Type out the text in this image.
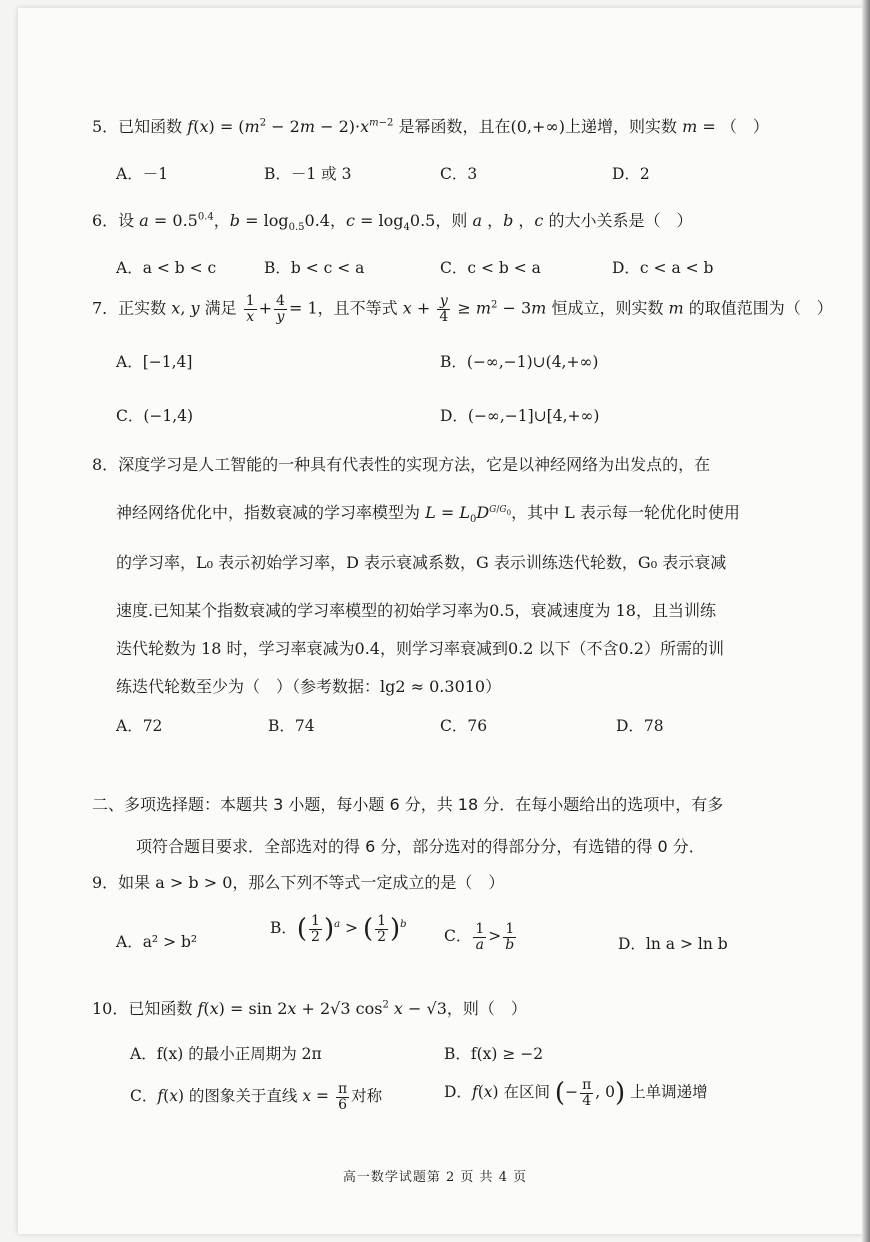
5．已知函数 $f(x) = (m^2 - 2m - 2)\cdot x^{m-2}$ 是幂函数，且在(0,+∞)上递增，则实数 m = （　）
A．－1	B．－1 或 3	C．3	D．2
6．设 $a = 0.5^{0.4}$，$b = \log_{0.5}0.4$，$c = \log_40.5$，则 a ，b ，c 的大小关系是（　）
A．a < b < c	B．b < c < a	C．c < b < a	D．c < a < b
7．正实数 x, y 满足 $\frac{1}{x} + \frac{4}{y} = 1$，且不等式 $x + \frac{y}{4} \ge m^2 - 3m$ 恒成立，则实数 m 的取值范围为（　）
A．[−1,4]	B．(−∞,−1)∪(4,+∞)
C．(−1,4)	D．(−∞,−1]∪[4,+∞)
8．深度学习是人工智能的一种具有代表性的实现方法，它是以神经网络为出发点的，在
神经网络优化中，指数衰减的学习率模型为 $L = L_0D^{G/G_0}$，其中 L 表示每一轮优化时使用
的学习率，L₀ 表示初始学习率，D 表示衰减系数，G 表示训练迭代轮数，G₀ 表示衰减
速度.已知某个指数衰减的学习率模型的初始学习率为0.5，衰减速度为 18，且当训练
迭代轮数为 18 时，学习率衰减为0.4，则学习率衰减到0.2 以下（不含0.2）所需的训
练迭代轮数至少为（　）（参考数据：lg2 ≈ 0.3010）
A．72	B．74	C．76	D．78
二、多项选择题：本题共 3 小题，每小题 6 分，共 18 分．在每小题给出的选项中，有多
项符合题目要求．全部选对的得 6 分，部分选对的得部分分，有选错的得 0 分．
9．如果 a > b > 0，那么下列不等式一定成立的是（　）
A．a² > b²
B．( $\frac{1}{2} )^a$ > ( $\frac{1}{2} )^b$
C． $\frac{1}{a} > \frac{1}{b}$	D．ln a > ln b
10．已知函数 f(x) = sin 2x + 2√3 $\cos^2 x - √3$，则（　）
A．f(x) 的最小正周期为 2π	B．f(x) ≥ −2
C．f(x) 的图象关于直线 $x = \frac{\pi}{6}$ 对称	D．f(x) 在区间 (− $\frac{\pi}{4}$ , 0) 上单调递增
高一数学试题第 2 页 共 4 页
